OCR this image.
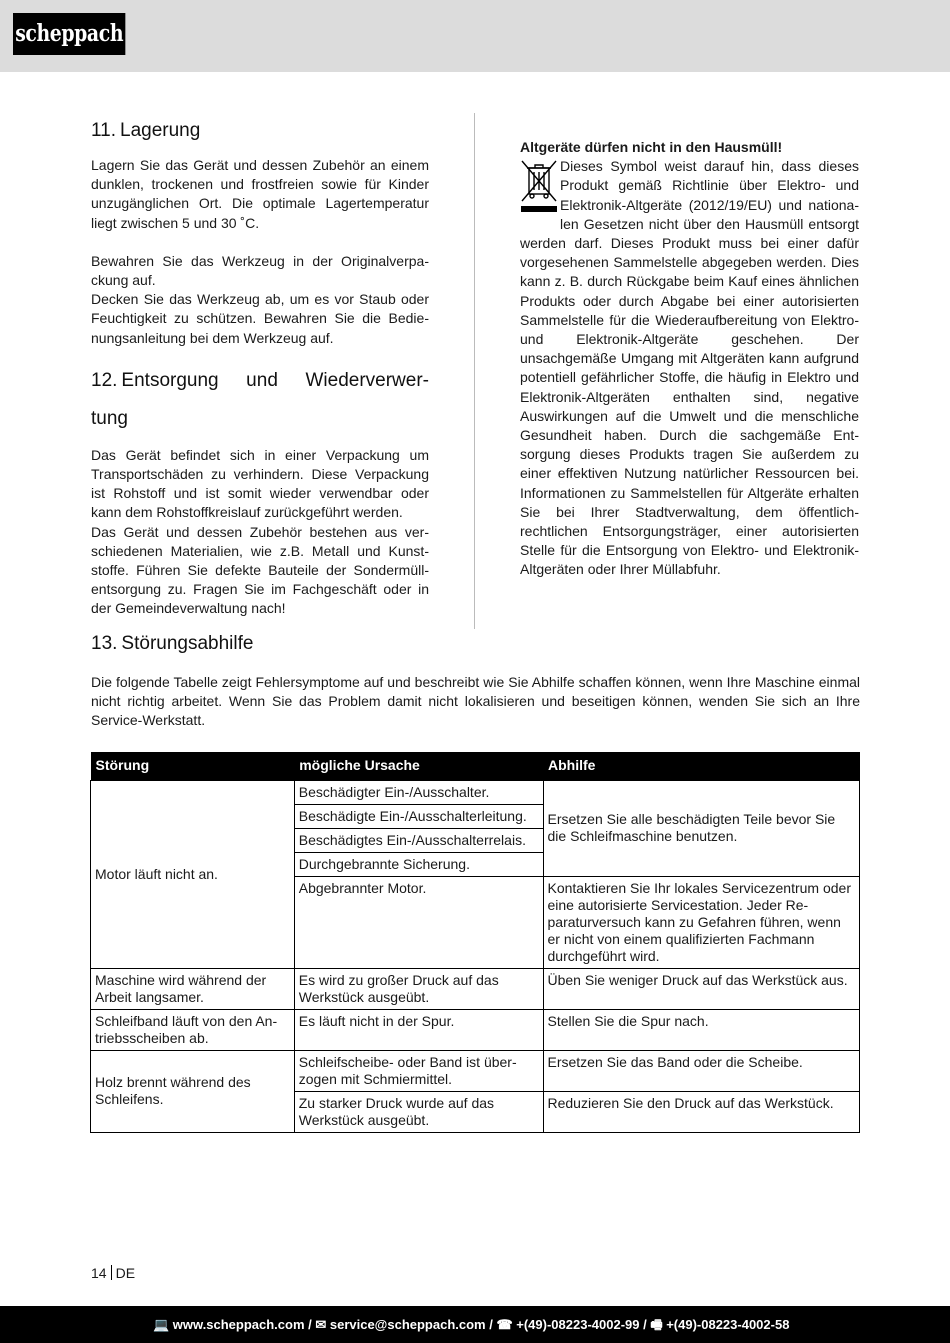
scheppach
11. Lagerung

Lagern Sie das Gerät und dessen Zubehör an einem dunklen, trockenen und frostfreien sowie für Kinder unzugänglichen Ort. Die optimale Lagertemperatur liegt zwischen 5 und 30 ˚C.

Bewahren Sie das Werkzeug in der Originalverpackung auf.

Decken Sie das Werkzeug ab, um es vor Staub oder Feuchtigkeit zu schützen. Bewahren Sie die Bedienungsanleitung bei dem Werkzeug auf.

12. Entsorgung und Wiederverwer-
tung

Das Gerät befindet sich in einer Verpackung um Transportschäden zu verhindern. Diese Verpackung ist Rohstoff und ist somit wieder verwendbar oder kann dem Rohstoffkreislauf zurückgeführt werden.

Das Gerät und dessen Zubehör bestehen aus verschiedenen Materialien, wie z.B. Metall und Kunststoffe. Führen Sie defekte Bauteile der Sondermüllentsorgung zu. Fragen Sie im Fachgeschäft oder in der Gemeindeverwaltung nach!

Altgeräte dürfen nicht in den Hausmüll!

Dieses Symbol weist darauf hin, dass dieses Produkt gemäß Richtlinie über Elektro- und Elektronik-Altgeräte (2012/19/EU) und nationalen Gesetzen nicht über den Hausmüll entsorgt werden darf. Dieses Produkt muss bei einer dafür vorgesehenen Sammelstelle abgegeben werden. Dies kann z. B. durch Rückgabe beim Kauf eines ähnlichen Produkts oder durch Abgabe bei einer autorisierten Sammelstelle für die Wiederaufbereitung von Elektro- und Elektronik-Altgeräte geschehen. Der unsachgemäße Umgang mit Altgeräten kann aufgrund potentiell gefährlicher Stoffe, die häufig in Elektro und Elektronik-Altgeräten enthalten sind, negative Auswirkungen auf die Umwelt und die menschliche Gesundheit haben. Durch die sachgemäße Entsorgung dieses Produkts tragen Sie außerdem zu einer effektiven Nutzung natürlicher Ressourcen bei. Informationen zu Sammelstellen für Altgeräte erhalten Sie bei Ihrer Stadtverwaltung, dem öffentlichrechtlichen Entsorgungsträger, einer autorisierten Stelle für die Entsorgung von Elektro- und Elektronik-Altgeräten oder Ihrer Müllabfuhr.

13. Störungsabhilfe

Die folgende Tabelle zeigt Fehlersymptome auf und beschreibt wie Sie Abhilfe schaffen können, wenn Ihre Maschine einmal nicht richtig arbeitet. Wenn Sie das Problem damit nicht lokalisieren und beseitigen können, wenden Sie sich an Ihre Service-Werkstatt.

Störung	mögliche Ursache	Abhilfe
Motor läuft nicht an.	Beschädigter Ein-/Ausschalter.	Ersetzen Sie alle beschädigten Teile bevor Sie die Schleifmaschine benutzen.
	Beschädigte Ein-/Ausschalterleitung.	
	Beschädigtes Ein-/Ausschalterrelais.	
	Durchgebrannte Sicherung.	
	Abgebrannter Motor.	Kontaktieren Sie Ihr lokales Servicezentrum oder eine autorisierte Servicestation. Jeder Reparaturversuch kann zu Gefahren führen, wenn er nicht von einem qualifizierten Fachmann durchgeführt wird.
Maschine wird während der Arbeit langsamer.	Es wird zu großer Druck auf das Werkstück ausgeübt.	Üben Sie weniger Druck auf das Werkstück aus.
Schleifband läuft von den Antriebsscheiben ab.	Es läuft nicht in der Spur.	Stellen Sie die Spur nach.
Holz brennt während des Schleifens.	Schleifscheibe- oder Band ist überzogen mit Schmiermittel.	Ersetzen Sie das Band oder die Scheibe.
	Zu starker Druck wurde auf das Werkstück ausgeübt.	Reduzieren Sie den Druck auf das Werkstück.
14 DE
💻 www.scheppach.com / ✉ service@scheppach.com / ☎ +(49)-08223-4002-99 / 🖷 +(49)-08223-4002-58
